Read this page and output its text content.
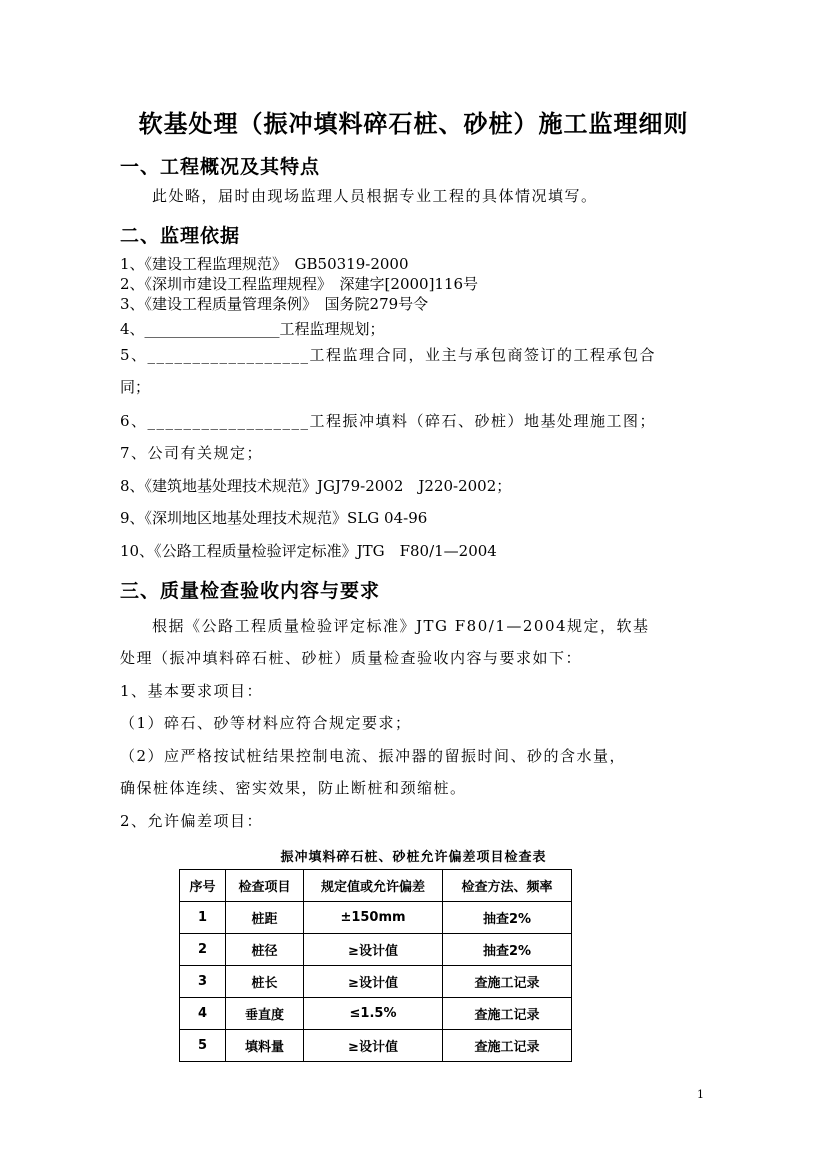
软基处理（振冲填料碎石桩、砂桩）施工监理细则
一、工程概况及其特点
此处略，届时由现场监理人员根据专业工程的具体情况填写。
二、监理依据
1、《建设工程监理规范》　GB50319-2000
2、《深圳市建设工程监理规程》　深建字[2000]116号
3、《建设工程质量管理条例》　国务院279号令
4、__________________工程监理规划；
5、__________________工程监理合同，业主与承包商签订的工程承包合
同；
6、__________________工程振冲填料（碎石、砂桩）地基处理施工图；
7、公司有关规定；
8、《建筑地基处理技术规范》JGJ79-2002　J220-2002；
9、《深圳地区地基处理技术规范》SLG 04-96
10、《公路工程质量检验评定标准》JTG　F80/1—2004
三、质量检查验收内容与要求
根据《公路工程质量检验评定标准》JTG F80/1—2004规定，软基
处理（振冲填料碎石桩、砂桩）质量检查验收内容与要求如下：
1、基本要求项目：
（1）碎石、砂等材料应符合规定要求；
（2）应严格按试桩结果控制电流、振冲器的留振时间、砂的含水量，
确保桩体连续、密实效果，防止断桩和颈缩桩。
2、允许偏差项目：
振冲填料碎石桩、砂桩允许偏差项目检查表
序号	检查项目	规定值或允许偏差	检查方法、频率
1	桩距	±150mm	抽查2%
2	桩径	≥设计值	抽查2%
3	桩长	≥设计值	查施工记录
4	垂直度	≤1.5%	查施工记录
5	填料量	≥设计值	查施工记录
1
